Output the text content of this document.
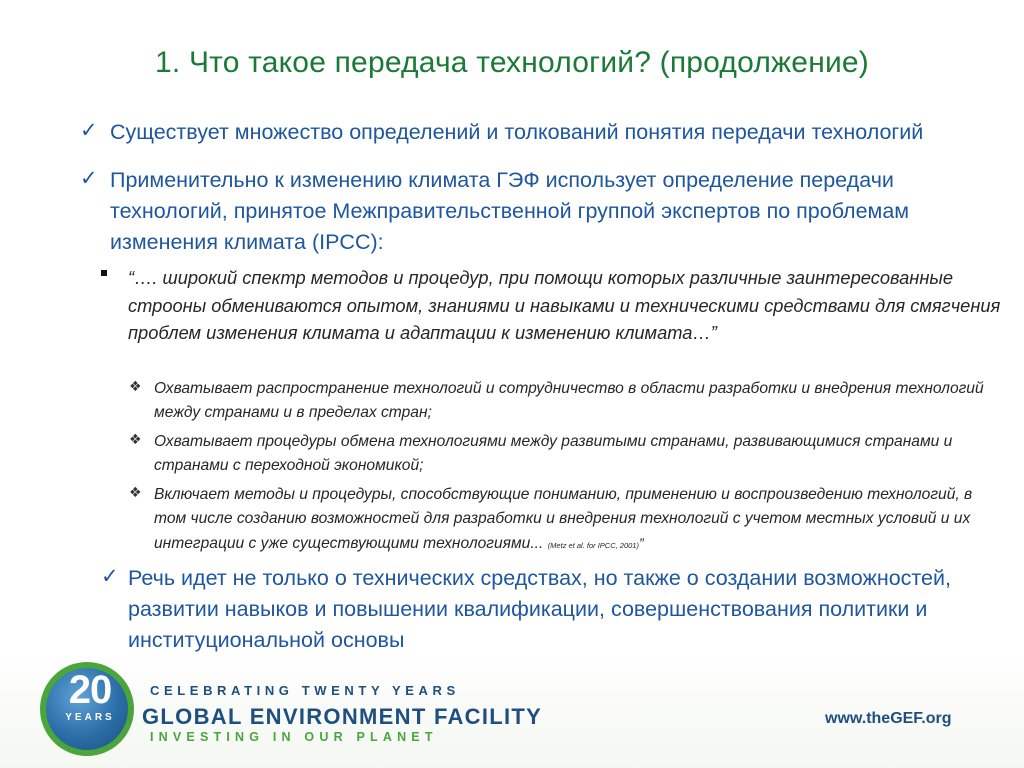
1. Что такое передача технологий? (продолжение)
✓ Существует множество определений и толкований понятия передачи технологий
✓ Применительно к изменению климата ГЭФ использует определение передачи технологий, принятое Межправительственной группой экспертов по проблемам изменения климата (IPCC):
“…. широкий спектр методов и процедур, при помощи которых различные заинтересованные строоны обмениваются опытом, знаниями и навыками и техническими средствами для смягчения проблем изменения климата и адаптации к изменению климата…”
❖ Охватывает распространение технологий и сотрудничество в области разработки и внедрения технологий между странами и в пределах стран;
❖ Охватывает процедуры обмена технологиями между развитыми странами, развивающимися странами и странами с переходной экономикой;
❖ Включает методы и процедуры, способствующие пониманию, применению и воспроизведению технологий, в том числе созданию возможностей для разработки и внедрения технологий с учетом местных условий и их интеграции с уже существующими технологиями... (Metz et al. for IPCC, 2001)”
✓ Речь идет не только о технических средствах, но также о создании возможностей, развитии навыков и повышении квалификации, совершенствования политики и институциональной основы
20
YEARS
CELEBRATING TWENTY YEARS
GLOBAL ENVIRONMENT FACILITY
INVESTING IN OUR PLANET
www.theGEF.org
